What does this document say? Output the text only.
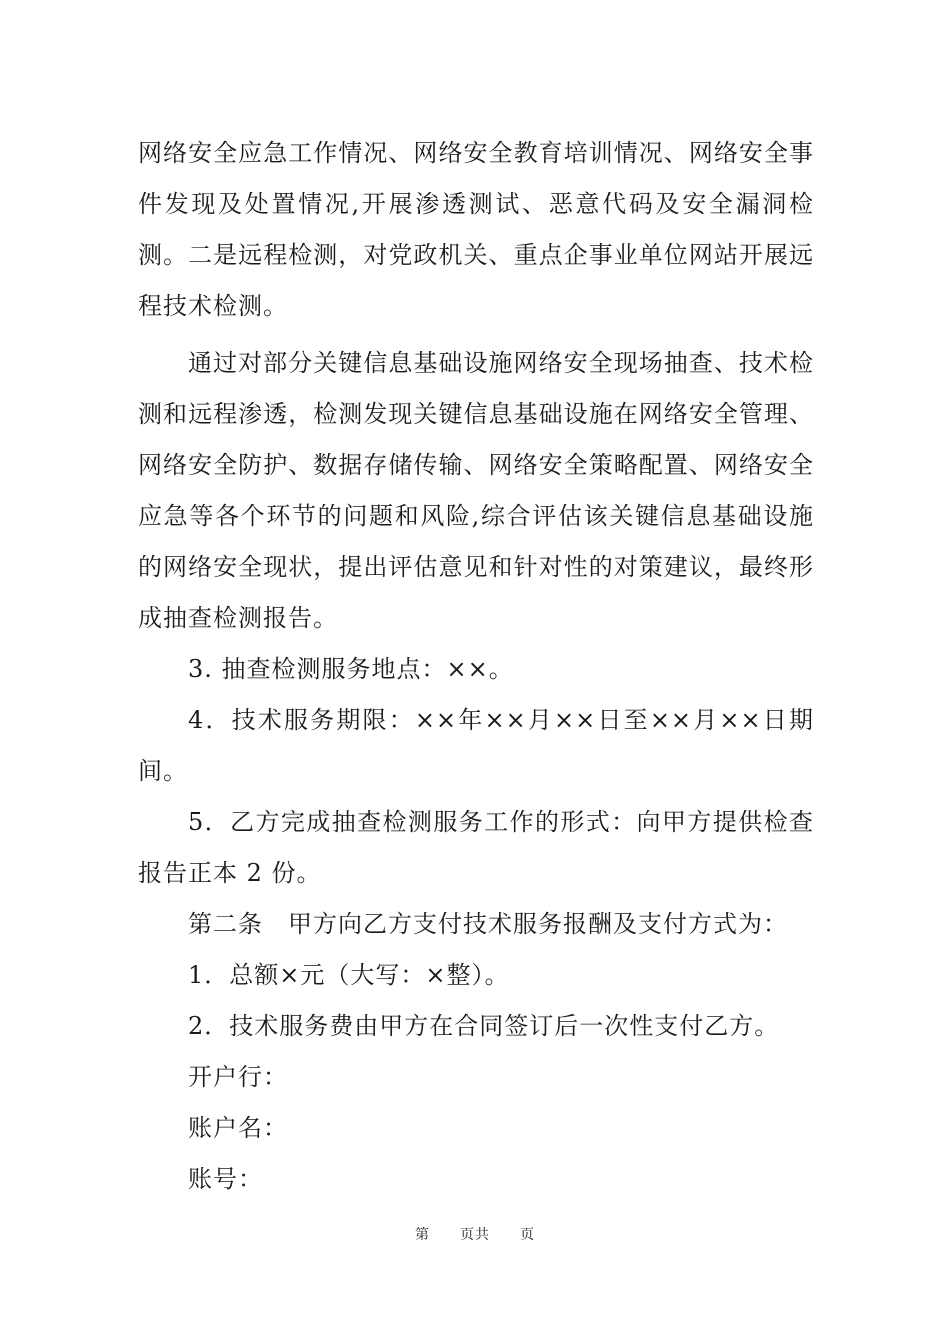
网络安全应急工作情况、网络安全教育培训情况、网络安全事件发现及处置情况,开展渗透测试、恶意代码及安全漏洞检测。二是远程检测，对党政机关、重点企事业单位网站开展远程技术检测。

通过对部分关键信息基础设施网络安全现场抽查、技术检测和远程渗透，检测发现关键信息基础设施在网络安全管理、网络安全防护、数据存储传输、网络安全策略配置、网络安全应急等各个环节的问题和风险,综合评估该关键信息基础设施的网络安全现状，提出评估意见和针对性的对策建议，最终形成抽查检测报告。

3. 抽查检测服务地点：××。

4．技术服务期限：××年××月××日至××月××日期间。

5．乙方完成抽查检测服务工作的形式：向甲方提供检查报告正本 2 份。

第二条　甲方向乙方支付技术服务报酬及支付方式为：

1．总额×元（大写：×整）。

2．技术服务费由甲方在合同签订后一次性支付乙方。

开户行：

账户名：

账号：

第　　页共　　页
